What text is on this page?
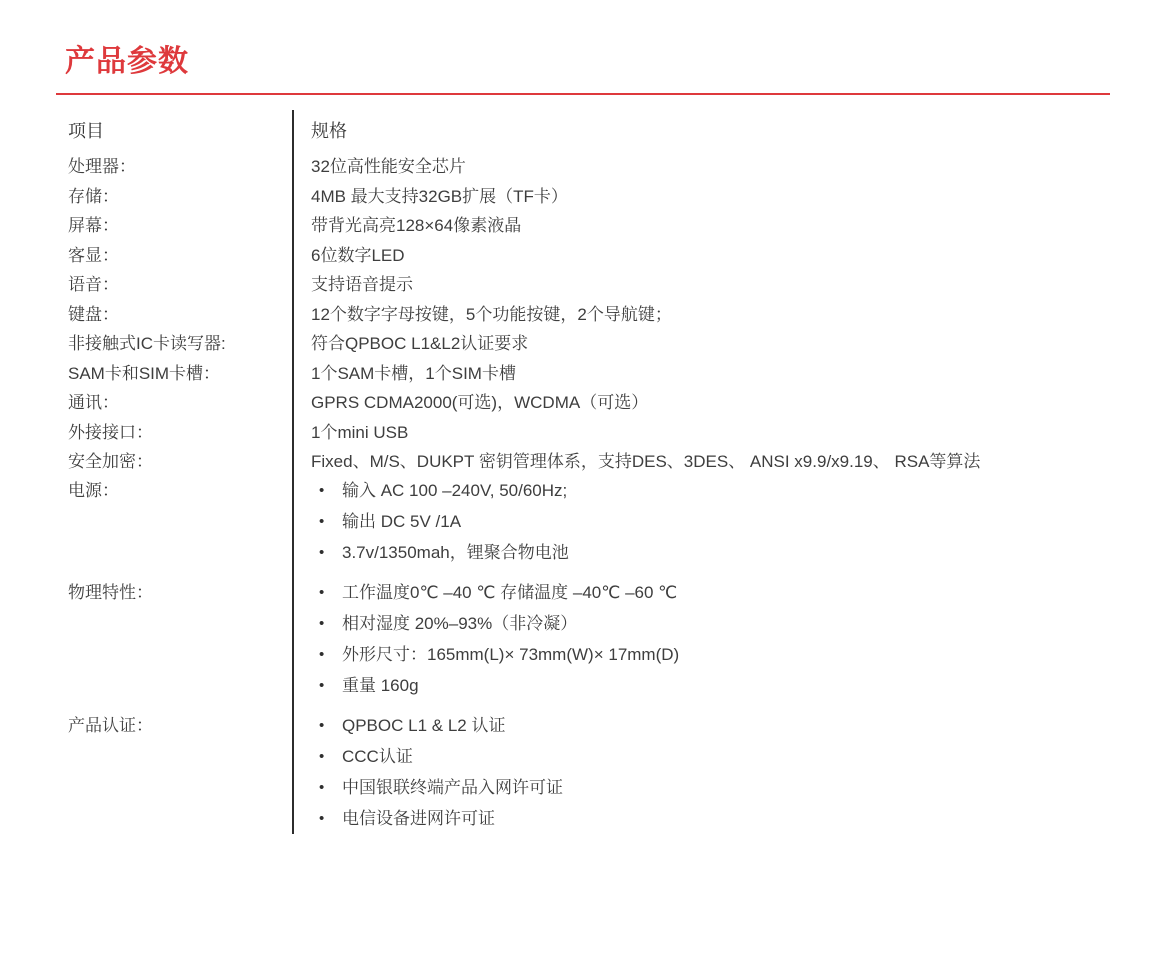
产品参数
项目	规格
处理器：	32位高性能安全芯片
存储：	4MB 最大支持32GB扩展（TF卡）
屏幕：	带背光高亮128×64像素液晶
客显：	6位数字LED
语音：	支持语音提示
键盘：	12个数字字母按键，5个功能按键，2个导航键；
非接触式IC卡读写器:	符合QPBOC L1&L2认证要求
SAM卡和SIM卡槽：	1个SAM卡槽，1个SIM卡槽
通讯：	GPRS CDMA2000(可选)，WCDMA（可选）
外接接口：	1个mini USB
安全加密：	Fixed、M/S、DUKPT 密钥管理体系，支持DES、3DES、 ANSI x9.9/x9.19、 RSA等算法
电源：	•	输入 AC 100 –240V, 50/60Hz;
•	输出 DC 5V /1A
•	3.7v/1350mah，锂聚合物电池
物理特性：	•	工作温度0℃ –40 ℃ 存储温度 –40℃ –60 ℃
•	相对湿度 20%–93%（非冷凝）
•	外形尺寸：165mm(L)× 73mm(W)× 17mm(D)
•	重量 160g
产品认证：	•	QPBOC L1 & L2 认证
•	CCC认证
•	中国银联终端产品入网许可证
•	电信设备进网许可证
